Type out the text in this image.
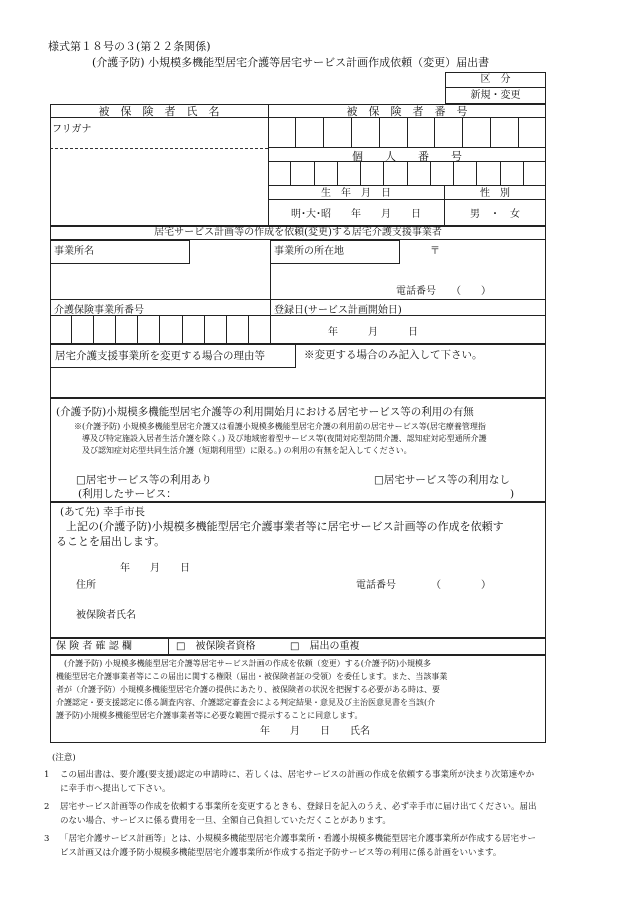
様式第１８号の３(第２２条関係)
(介護予防) 小規模多機能型居宅介護等居宅サービス計画作成依頼（変更）届出書
区　分
新規・変更
被　保　険　者　氏　名	被　保　険　者　番　号
フリガナ
個　　人　　番　　号
生　年　月　日	性　別
明･大･昭　　年　　月　　日	男　・　女
居宅サービス計画等の作成を依頼(変更)する居宅介護支援事業者
事業所名	事業所の所在地	〒
電話番号　　（　　）
介護保険事業所番号	登録日(サービス計画開始日)
年　　　月　　　日
居宅介護支援事業所を変更する場合の理由等	※変更する場合のみ記入して下さい。
(介護予防)小規模多機能型居宅介護等の利用開始月における居宅サービス等の利用の有無
※(介護予防) 小規模多機能型居宅介護又は看護小規模多機能型居宅介護の利用前の居宅サービス等(居宅療養管理指
導及び特定施設入居者生活介護を除く。) 及び地域密着型サービス等(夜間対応型訪問介護、認知症対応型通所介護
及び認知症対応型共同生活介護（短期利用型）に限る。) の利用の有無を記入してください。
□居宅サービス等の利用あり
(利用したサービス：	)
□居宅サービス等の利用なし
(あて先) 幸手市長
上記の(介護予防)小規模多機能型居宅介護事業者等に居宅サービス計画等の作成を依頼す
ることを届出します。
年　　月　　日
住所	電話番号　　　　（　　　　）
被保険者氏名
保 険 者 確 認 欄	□　被保険者資格	□　届出の重複
(介護予防) 小規模多機能型居宅介護等居宅サービス計画の作成を依頼（変更）する(介護予防)小規模多
機能型居宅介護事業者等にこの届出に関する権限（届出・被保険者証の受領）を委任します。また、当該事業
者が（介護予防）小規模多機能型居宅介護の提供にあたり、被保険者の状況を把握する必要がある時は、要
介護認定・要支援認定に係る調査内容、介護認定審査会による判定結果・意見及び主治医意見書を当該(介
護予防)小規模多機能型居宅介護事業者等に必要な範囲で提示することに同意します。
年　　月　　日　　氏名
(注意)
1 この届出書は、要介護(要支援)認定の申請時に、若しくは、居宅サービスの計画の作成を依頼する事業所が決まり次第速やか
に幸手市へ提出して下さい。
2 居宅サービス計画等の作成を依頼する事業所を変更するときも、登録日を記入のうえ、必ず幸手市に届け出てください。届出
のない場合、サービスに係る費用を一旦、全額自己負担していただくことがあります。
3 「居宅介護サービス計画等」とは、小規模多機能型居宅介護事業所・看護小規模多機能型居宅介護事業所が作成する居宅サー
ビス計画又は介護予防小規模多機能型居宅介護事業所が作成する指定予防サービス等の利用に係る計画をいいます。
